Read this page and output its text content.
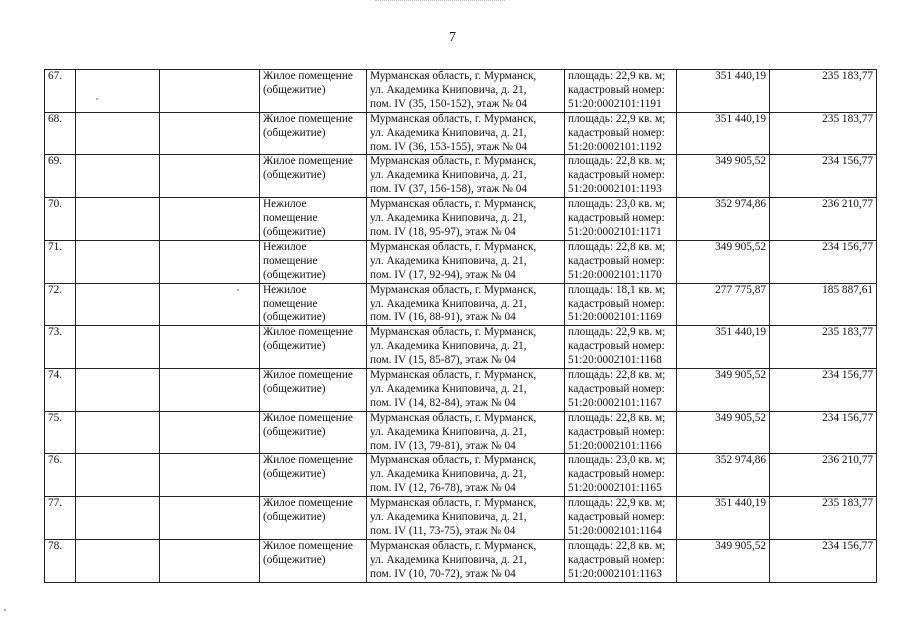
7
67.			Жилое помещение
(общежитие)	Мурманская область, г. Мурманск,
ул. Академика Книповича, д. 21,
пом. IV (35, 150-152), этаж № 04	площадь: 22,9 кв. м;
кадастровый номер:
51:20:0002101:1191	351 440,19	235 183,77
68.			Жилое помещение
(общежитие)	Мурманская область, г. Мурманск,
ул. Академика Книповича, д. 21,
пом. IV (36, 153-155), этаж № 04	площадь: 22,9 кв. м;
кадастровый номер:
51:20:0002101:1192	351 440,19	235 183,77
69.			Жилое помещение
(общежитие)	Мурманская область, г. Мурманск,
ул. Академика Книповича, д. 21,
пом. IV (37, 156-158), этаж № 04	площадь: 22,8 кв. м;
кадастровый номер:
51:20:0002101:1193	349 905,52	234 156,77
70.			Нежилое
помещение
(общежитие)	Мурманская область, г. Мурманск,
ул. Академика Книповича, д. 21,
пом. IV (18, 95-97), этаж № 04	площадь: 23,0 кв. м;
кадастровый номер:
51:20:0002101:1171	352 974,86	236 210,77
71.			Нежилое
помещение
(общежитие)	Мурманская область, г. Мурманск,
ул. Академика Книповича, д. 21,
пом. IV (17, 92-94), этаж № 04	площадь: 22,8 кв. м;
кадастровый номер:
51:20:0002101:1170	349 905,52	234 156,77
72.			Нежилое
помещение
(общежитие)	Мурманская область, г. Мурманск,
ул. Академика Книповича, д. 21,
пом. IV (16, 88-91), этаж № 04	площадь: 18,1 кв. м;
кадастровый номер:
51:20:0002101:1169	277 775,87	185 887,61
73.			Жилое помещение
(общежитие)	Мурманская область, г. Мурманск,
ул. Академика Книповича, д. 21,
пом. IV (15, 85-87), этаж № 04	площадь: 22,9 кв. м;
кадастровый номер:
51:20:0002101:1168	351 440,19	235 183,77
74.			Жилое помещение
(общежитие)	Мурманская область, г. Мурманск,
ул. Академика Книповича, д. 21,
пом. IV (14, 82-84), этаж № 04	площадь: 22,8 кв. м;
кадастровый номер:
51:20:0002101:1167	349 905,52	234 156,77
75.			Жилое помещение
(общежитие)	Мурманская область, г. Мурманск,
ул. Академика Книповича, д. 21,
пом. IV (13, 79-81), этаж № 04	площадь: 22,8 кв. м;
кадастровый номер:
51:20:0002101:1166	349 905,52	234 156,77
76.			Жилое помещение
(общежитие)	Мурманская область, г. Мурманск,
ул. Академика Книповича, д. 21,
пом. IV (12, 76-78), этаж № 04	площадь: 23,0 кв. м;
кадастровый номер:
51:20:0002101:1165	352 974,86	236 210,77
77.			Жилое помещение
(общежитие)	Мурманская область, г. Мурманск,
ул. Академика Книповича, д. 21,
пом. IV (11, 73-75), этаж № 04	площадь: 22,9 кв. м;
кадастровый номер:
51:20:0002101:1164	351 440,19	235 183,77
78.			Жилое помещение
(общежитие)	Мурманская область, г. Мурманск,
ул. Академика Книповича, д. 21,
пом. IV (10, 70-72), этаж № 04	площадь: 22,8 кв. м;
кадастровый номер:
51:20:0002101:1163	349 905,52	234 156,77
